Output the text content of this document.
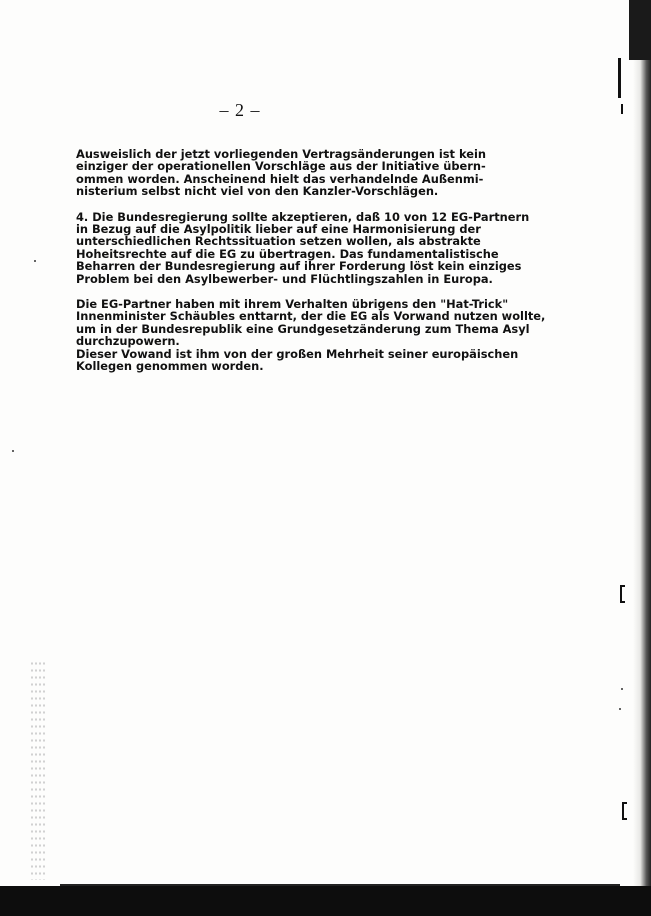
– 2 –
Ausweislich der jetzt vorliegenden Vertragsänderungen ist kein
einziger der operationellen Vorschläge aus der Initiative übern-
ommen worden. Anscheinend hielt das verhandelnde Außenmi-
nisterium selbst nicht viel von den Kanzler-Vorschlägen.
4. Die Bundesregierung sollte akzeptieren, daß 10 von 12 EG-Partnern
in Bezug auf die Asylpolitik lieber auf eine Harmonisierung der
unterschiedlichen Rechtssituation setzen wollen, als abstrakte
Hoheitsrechte auf die EG zu übertragen. Das fundamentalistische
Beharren der Bundesregierung auf ihrer Forderung löst kein einziges
Problem bei den Asylbewerber- und Flüchtlingszahlen in Europa.
Die EG-Partner haben mit ihrem Verhalten übrigens den "Hat-Trick"
Innenminister Schäubles enttarnt, der die EG als Vorwand nutzen wollte,
um in der Bundesrepublik eine Grundgesetzänderung zum Thema Asyl
durchzupowern.
Dieser Vowand ist ihm von der großen Mehrheit seiner europäischen
Kollegen genommen worden.
